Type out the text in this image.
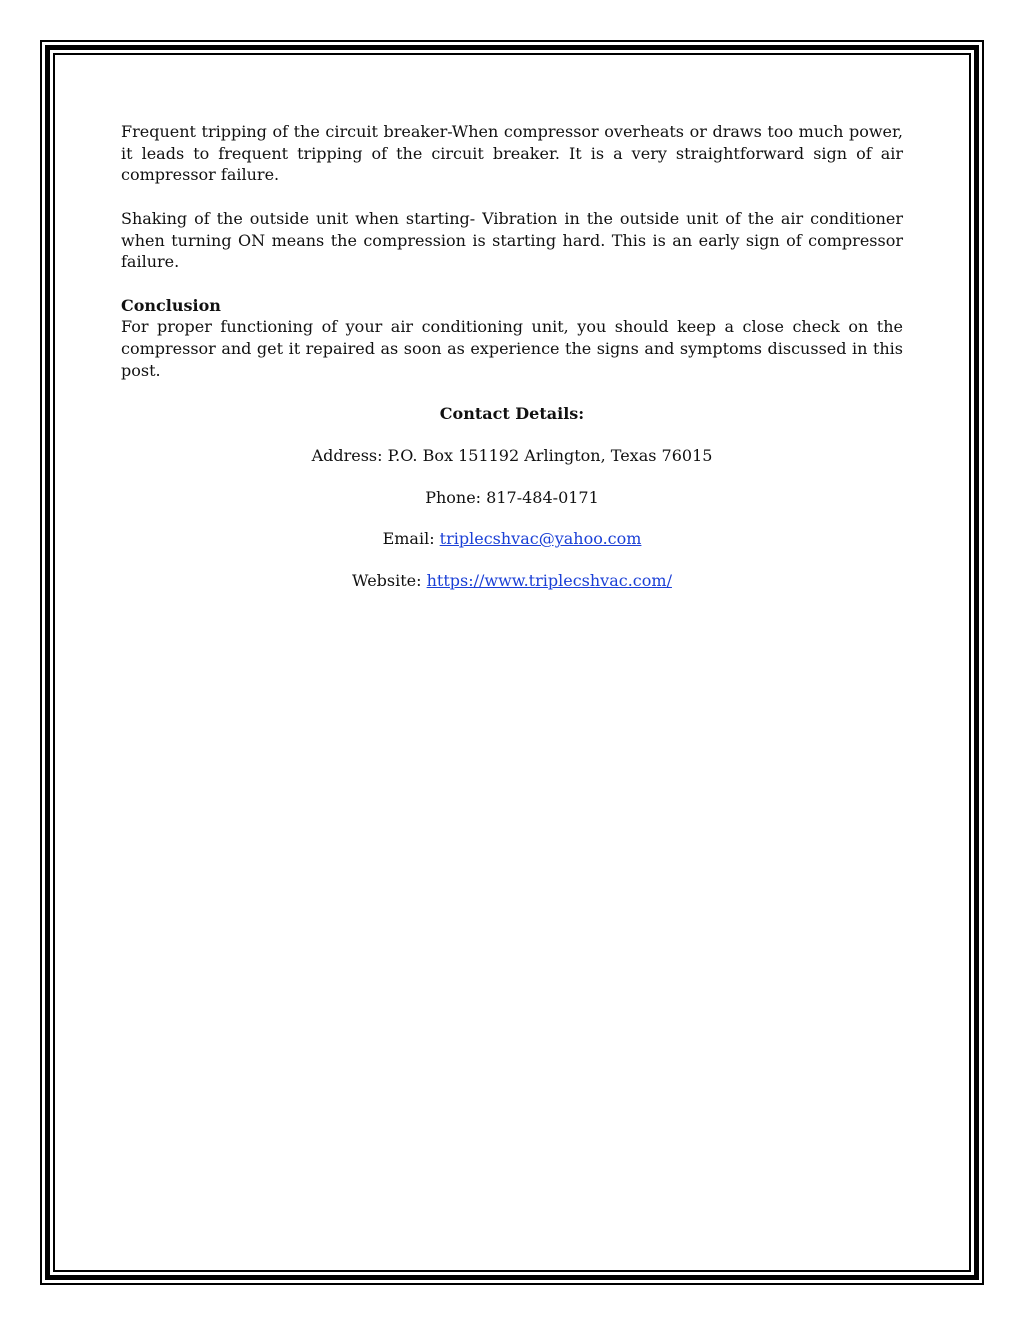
Frequent tripping of the circuit breaker-When compressor overheats or draws too much power, it leads to frequent tripping of the circuit breaker. It is a very straightforward sign of air compressor failure.

Shaking of the outside unit when starting- Vibration in the outside unit of the air conditioner when turning ON means the compression is starting hard. This is an early sign of compressor failure.

Conclusion

For proper functioning of your air conditioning unit, you should keep a close check on the compressor and get it repaired as soon as experience the signs and symptoms discussed in this post.

Contact Details:

Address: P.O. Box 151192 Arlington, Texas 76015

Phone: 817-484-0171

Email: triplecshvac@yahoo.com

Website: https://www.triplecshvac.com/
